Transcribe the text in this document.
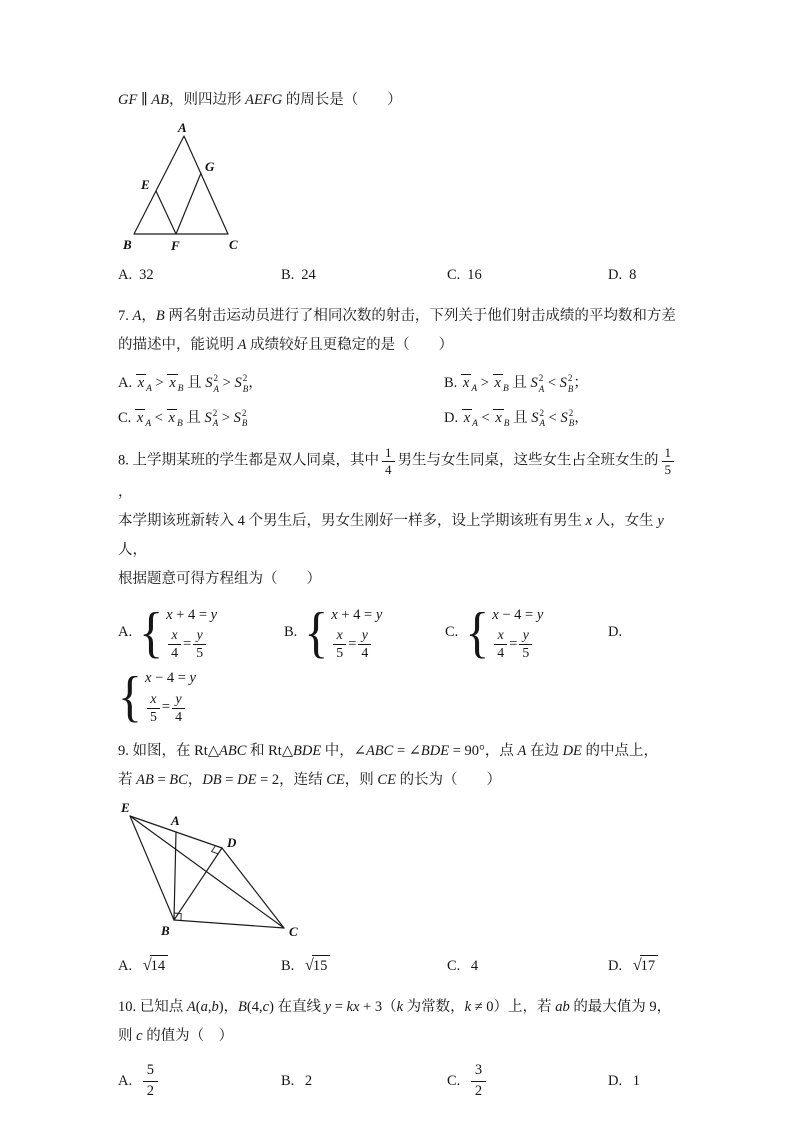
GF ∥ AB，则四边形 AEFG 的周长是（　　）

A
G
E
B	F	C
A. 32	B. 24	C. 16	D. 8

7. A，B 两名射击运动员进行了相同次数的射击，下列关于他们射击成绩的平均数和方差的描述中，能说明 A 成绩较好且更稳定的是（　　）

A. x $_A$ > x $_B$ 且 S 2
A > S 2
B ，	B. x $_A$ > x $_B$ 且 S 2
A < S 2
B ；
C. x $_A$ < x $_B$ 且 S 2
A > S 2
B	D. x $_A$ < x $_B$ 且 S 2
A < S 2
B ，

8. 上学期某班的学生都是双人同桌，其中 $\frac{1}{4}$ 男生与女生同桌，这些女生占全班女生的 $\frac{1}{5}$
，
本学期该班新转入 4 个男生后，男女生刚好一样多，设上学期该班有男生 x 人，女生 y 人，
根据题意可得方程组为（　　）

A. { x + 4 = y
$\frac{x}{4} = \frac{y}{5}$	B. { x + 4 = y
$\frac{x}{5} = \frac{y}{4}$	C. { x − 4 = y
$\frac{x}{4} = \frac{y}{5}$	D.
{ x − 4 = y
$\frac{x}{5} = \frac{y}{4}$

9. 如图，在 Rt△ABC 和 Rt△BDE 中，∠ABC = ∠BDE = 90°，点 A 在边 DE 的中点上，
若 AB = BC，DB = DE = 2，连结 CE，则 CE 的长为（　　）

E
A
D
B	C
A. √ 14	B. √ 15	C. 4	D. √ 17

10. 已知点 A(a,b)，B(4,c) 在直线 y = kx + 3（k 为常数，k ≠ 0）上，若 ab 的最大值为 9，
则 c 的值为（　）

A. $\frac{5}{2}$	B. 2	C. $\frac{3}{2}$	D. 1
